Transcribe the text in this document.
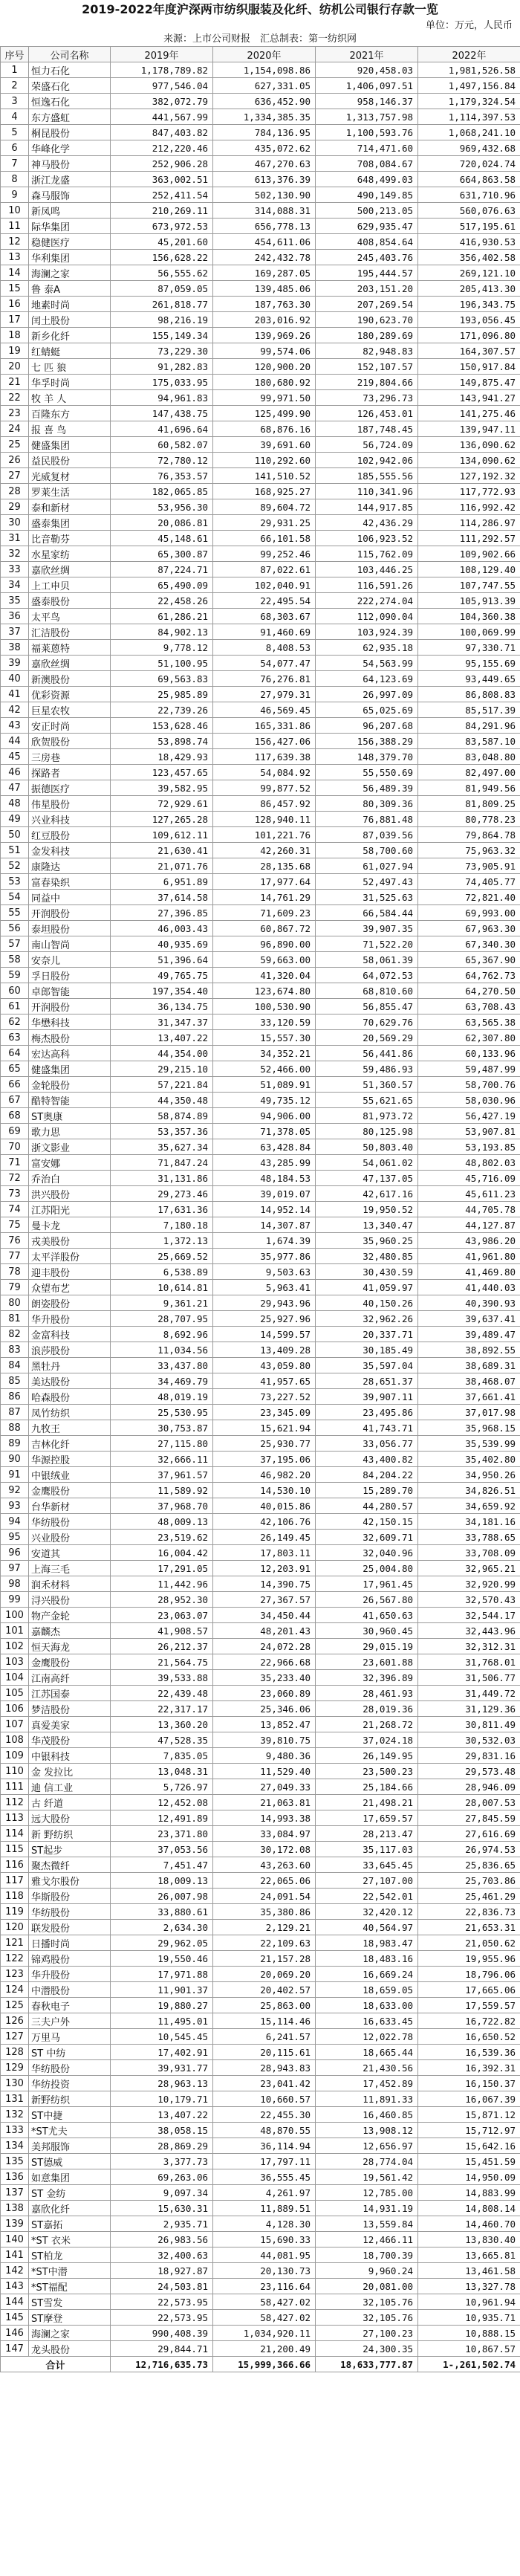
2019-2022年度沪深两市纺织服装及化纤、纺机公司银行存款一览
单位：万元，人民币
来源：上市公司财报　汇总制表：第一纺织网
序号	公司名称	2019年	2020年	2021年	2022年
1	恒力石化	1,178,789.82	1,154,098.86	920,458.03	1,981,526.58
2	荣盛石化	977,546.04	627,331.05	1,406,097.51	1,497,156.84
3	恒逸石化	382,072.79	636,452.90	958,146.37	1,179,324.54
4	东方盛虹	441,567.99	1,334,385.35	1,313,757.98	1,114,397.53
5	桐昆股份	847,403.82	784,136.95	1,100,593.76	1,068,241.10
6	华峰化学	212,220.46	435,072.62	714,471.60	969,432.68
7	神马股份	252,906.28	467,270.63	708,084.67	720,024.74
8	浙江龙盛	363,002.51	613,376.39	648,499.03	664,863.58
9	森马服饰	252,411.54	502,130.90	490,149.85	631,710.96
10	新凤鸣	210,269.11	314,088.31	500,213.05	560,076.63
11	际华集团	673,972.53	656,778.13	629,935.47	517,195.61
12	稳健医疗	45,201.60	454,611.06	408,854.64	416,930.53
13	华利集团	156,628.22	242,432.78	245,403.76	356,402.58
14	海澜之家	56,555.62	169,287.05	195,444.57	269,121.10
15	鲁 泰A	87,059.05	139,485.06	203,151.20	205,413.30
16	地素时尚	261,818.77	187,763.30	207,269.54	196,343.75
17	闰土股份	98,216.19	203,016.92	190,623.70	193,056.45
18	新乡化纤	155,149.34	139,969.26	180,289.69	171,096.80
19	红蜻蜓	73,229.30	99,574.06	82,948.83	164,307.57
20	七 匹 狼	91,282.83	120,900.20	152,107.57	150,917.84
21	华孚时尚	175,033.95	180,680.92	219,804.66	149,875.47
22	牧 羊 人	94,961.83	99,971.50	73,296.73	143,941.27
23	百隆东方	147,438.75	125,499.90	126,453.01	141,275.46
24	报 喜 鸟	41,696.64	68,876.16	187,748.45	139,947.11
25	健盛集团	60,582.07	39,691.60	56,724.09	136,090.62
26	益民股份	72,780.12	110,292.60	102,942.06	134,090.62
27	光威复材	76,353.57	141,510.52	185,555.56	127,192.32
28	罗莱生活	182,065.85	168,925.27	110,341.96	117,772.93
29	泰和新材	53,956.30	89,604.72	144,917.85	116,992.42
30	盛泰集团	20,086.81	29,931.25	42,436.29	114,286.97
31	比音勒芬	45,148.61	66,101.58	106,923.52	111,292.57
32	水星家纺	65,300.87	99,252.46	115,762.09	109,902.66
33	嘉欣丝绸	87,224.71	87,022.61	103,446.25	108,129.40
34	上工申贝	65,490.09	102,040.91	116,591.26	107,747.55
35	盛泰股份	22,458.26	22,495.54	222,274.04	105,913.39
36	太平鸟	61,286.21	68,303.67	112,090.04	104,360.38
37	汇洁股份	84,902.13	91,460.69	103,924.39	100,069.99
38	福莱蒽特	9,778.12	8,408.53	62,935.18	97,330.71
39	嘉欣丝绸	51,100.95	54,077.47	54,563.99	95,155.69
40	新澳股份	69,563.83	76,276.81	64,123.69	93,449.65
41	优彩资源	25,985.89	27,979.31	26,997.09	86,808.83
42	巨星农牧	22,739.26	46,569.45	65,025.69	85,517.39
43	安正时尚	153,628.46	165,331.86	96,207.68	84,291.96
44	欣贺股份	53,898.74	156,427.06	156,388.29	83,587.10
45	三房巷	18,429.93	117,639.38	148,379.70	83,048.80
46	探路者	123,457.65	54,084.92	55,550.69	82,497.00
47	振德医疗	39,582.95	99,877.52	56,489.39	81,949.56
48	伟星股份	72,929.61	86,457.92	80,309.36	81,809.25
49	兴业科技	127,265.28	128,940.11	76,881.48	80,778.23
50	红豆股份	109,612.11	101,221.76	87,039.56	79,864.78
51	金发科技	21,630.41	42,260.31	58,700.60	75,963.32
52	康隆达	21,071.76	28,135.68	61,027.94	73,905.91
53	富春染织	6,951.89	17,977.64	52,497.43	74,405.77
54	同益中	37,614.58	14,761.29	31,525.63	72,821.40
55	开润股份	27,396.85	71,609.23	66,584.44	69,993.00
56	泰坦股份	46,003.43	60,867.72	39,907.35	67,963.30
57	南山智尚	40,935.69	96,890.00	71,522.20	67,340.30
58	安奈儿	51,396.64	59,663.00	58,061.39	65,367.90
59	孚日股份	49,765.75	41,320.04	64,072.53	64,762.73
60	卓郎智能	197,354.40	123,674.80	68,810.60	64,270.50
61	开润股份	36,134.75	100,530.90	56,855.47	63,708.43
62	华懋科技	31,347.37	33,120.59	70,629.76	63,565.38
63	梅杰股份	13,407.22	15,557.30	20,569.29	62,307.80
64	宏达高科	44,354.00	34,352.21	56,441.86	60,133.96
65	健盛集团	29,215.10	52,466.00	59,486.93	59,487.99
66	金轮股份	57,221.84	51,089.91	51,360.57	58,700.76
67	酷特智能	44,350.48	49,735.12	55,621.65	58,030.96
68	ST奥康	58,874.89	94,906.00	81,973.72	56,427.19
69	歌力思	53,357.36	71,378.05	80,125.98	53,907.81
70	浙文影业	35,627.34	63,428.84	50,803.40	53,193.85
71	富安娜	71,847.24	43,285.99	54,061.02	48,802.03
72	乔治白	31,131.86	48,184.53	47,137.05	45,716.09
73	洪兴股份	29,273.46	39,019.07	42,617.16	45,611.23
74	江苏阳光	17,631.36	14,952.14	19,950.52	44,705.78
75	曼卡龙	7,180.18	14,307.87	13,340.47	44,127.87
76	戎美股份	1,372.13	1,674.39	35,960.25	43,986.20
77	太平洋股份	25,669.52	35,977.86	32,480.85	41,961.80
78	迎丰股份	6,538.89	9,503.63	30,430.59	41,469.80
79	众望布艺	10,614.81	5,963.41	41,059.97	41,440.03
80	朗姿股份	9,361.21	29,943.96	40,150.26	40,390.93
81	华升股份	28,707.95	25,927.96	32,962.26	39,637.41
82	金富科技	8,692.96	14,599.57	20,337.71	39,489.47
83	浪莎股份	11,034.56	13,409.28	30,185.49	38,892.55
84	黑牡丹	33,437.80	43,059.80	35,597.04	38,689.31
85	美达股份	34,469.79	41,957.65	28,651.37	38,468.07
86	哈森股份	48,019.19	73,227.52	39,907.11	37,661.41
87	凤竹纺织	25,530.95	23,345.09	23,495.86	37,017.98
88	九牧王	30,753.87	15,621.94	41,743.71	35,968.15
89	吉林化纤	27,115.80	25,930.77	33,056.77	35,539.99
90	华源控股	32,666.11	37,195.06	43,400.82	35,402.80
91	中银绒业	37,961.57	46,982.20	84,204.22	34,950.26
92	金鹰股份	11,589.92	14,530.10	15,289.70	34,826.51
93	台华新材	37,968.70	40,015.86	44,280.57	34,659.92
94	华纺股份	48,009.13	42,106.76	42,150.15	34,181.16
95	兴业股份	23,519.62	26,149.45	32,609.71	33,788.65
96	安道其	16,004.42	17,803.11	32,040.96	33,708.09
97	上海三毛	17,291.05	12,203.91	25,004.80	32,965.21
98	润禾材料	11,442.96	14,390.75	17,961.45	32,920.99
99	浔兴股份	28,952.30	27,367.57	26,567.80	32,570.43
100	物产金轮	23,063.07	34,450.44	41,650.63	32,544.17
101	嘉麟杰	41,908.57	48,201.43	30,960.45	32,443.96
102	恒天海龙	26,212.37	24,072.28	29,015.19	32,312.31
103	金鹰股份	21,564.75	22,966.68	23,601.88	31,768.01
104	江南高纤	39,533.88	35,233.40	32,396.89	31,506.77
105	江苏国泰	22,439.48	23,060.89	28,461.93	31,449.72
106	梦洁股份	22,317.17	25,346.06	28,019.36	31,129.36
107	真爱美家	13,360.20	13,852.47	21,268.72	30,811.49
108	华茂股份	47,528.35	39,810.75	37,024.18	30,532.03
109	中银科技	7,835.05	9,480.36	26,149.95	29,831.16
110	金 发拉比	13,048.31	11,529.40	23,500.23	29,573.48
111	迪 信工业	5,726.97	27,049.33	25,184.66	28,946.09
112	古 纤道	12,452.08	21,063.81	21,498.21	28,007.53
113	远大股份	12,491.89	14,993.38	17,659.57	27,845.59
114	新 野纺织	23,371.80	33,084.97	28,213.47	27,616.69
115	ST起步	37,053.56	30,172.08	35,117.03	26,974.53
116	聚杰微纤	7,451.47	43,263.60	33,645.45	25,836.65
117	雅戈尔股份	18,009.13	22,065.06	27,107.00	25,703.86
118	华斯股份	26,007.98	24,091.54	22,542.01	25,461.29
119	华纺股份	33,880.61	35,380.86	32,420.12	22,836.73
120	联发股份	2,634.30	2,129.21	40,564.97	21,653.31
121	日播时尚	29,962.05	22,109.63	18,983.47	21,050.62
122	锦鸡股份	19,550.46	21,157.28	18,483.16	19,955.96
123	华升股份	17,971.88	20,069.20	16,669.24	18,796.06
124	中潜股份	11,901.37	20,402.57	18,659.05	17,665.06
125	春秋电子	19,880.27	25,863.00	18,633.00	17,559.57
126	三夫户外	11,495.01	15,114.46	16,633.45	16,722.82
127	万里马	10,545.45	6,241.57	12,022.78	16,650.52
128	ST 中纺	17,402.91	20,115.61	18,665.44	16,539.36
129	华纺股份	39,931.77	28,943.83	21,430.56	16,392.31
130	华纺投资	28,963.13	23,041.42	17,452.89	16,150.37
131	新野纺织	10,179.71	10,660.57	11,891.33	16,067.39
132	ST中捷	13,407.22	22,455.30	16,460.85	15,871.12
133	*ST尤夫	38,058.15	48,870.55	13,908.12	15,712.97
134	美邦服饰	28,869.29	36,114.94	12,656.97	15,642.16
135	ST德威	3,377.73	17,797.11	28,774.04	15,451.59
136	如意集团	69,263.06	36,555.45	19,561.42	14,950.09
137	ST 金纺	9,097.34	4,261.97	12,785.00	14,883.99
138	嘉欣化纤	15,630.31	11,889.51	14,931.19	14,808.14
139	ST嘉拓	2,935.71	4,128.30	13,559.84	14,460.70
140	*ST 衣米	26,983.56	15,690.33	12,466.11	13,830.40
141	ST柏龙	32,400.63	44,081.95	18,700.39	13,665.81
142	*ST中潜	18,927.87	20,130.73	9,960.24	13,461.58
143	*ST福配	24,503.81	23,116.64	20,081.00	13,327.78
144	ST雪发	22,573.95	58,427.02	32,105.76	10,961.94
145	ST摩登	22,573.95	58,427.02	32,105.76	10,935.71
146	海澜之家	990,408.39	1,034,920.11	27,100.23	10,888.15
147	龙头股份	29,844.71	21,200.49	24,300.35	10,867.57
合计		12,716,635.73	15,999,366.66	18,633,777.87	1-,261,502.74
